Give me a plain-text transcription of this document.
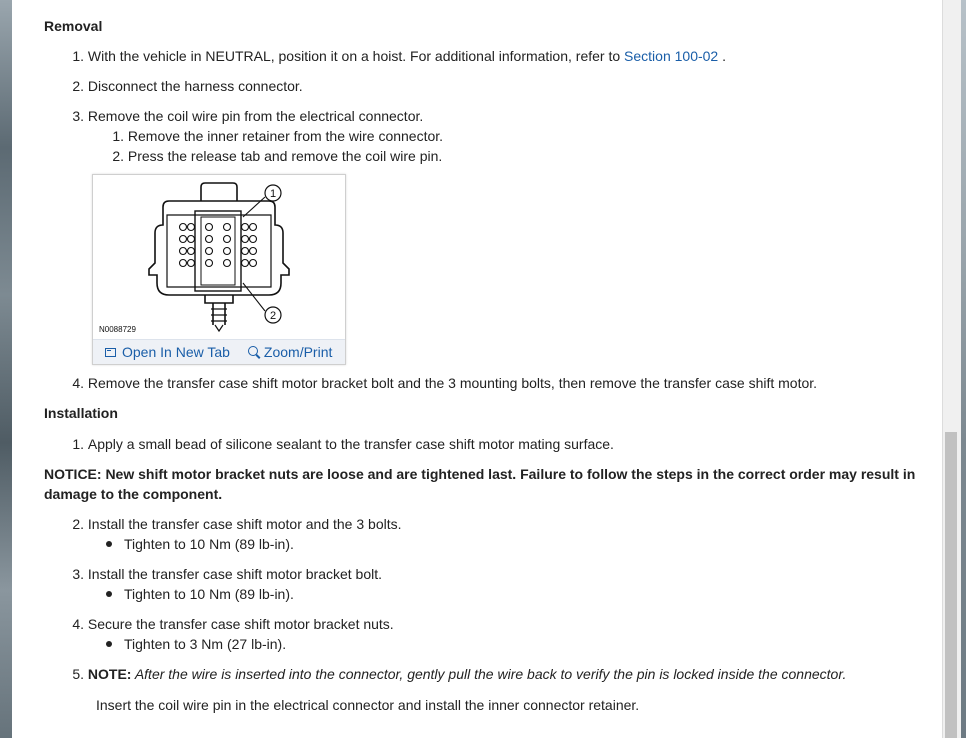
Removal

1. With the vehicle in NEUTRAL, position it on a hoist. For additional information, refer to Section 100-02 .
2. Disconnect the harness connector.
3. Remove the coil wire pin from the electrical connector.
1. Remove the inner retainer from the wire connector.
2. Press the release tab and remove the coil wire pin.
1
2
N0088729
Open In New Tab Zoom/Print
4. Remove the transfer case shift motor bracket bolt and the 3 mounting bolts, then remove the transfer case shift motor.

Installation

1. Apply a small bead of silicone sealant to the transfer case shift motor mating surface.

NOTICE: New shift motor bracket nuts are loose and are tightened last. Failure to follow the steps in the correct order may result in damage to the component.

2. Install the transfer case shift motor and the 3 bolts.
Tighten to 10 Nm (89 lb-in).
3. Install the transfer case shift motor bracket bolt.
Tighten to 10 Nm (89 lb-in).
4. Secure the transfer case shift motor bracket nuts.
Tighten to 3 Nm (27 lb-in).
5. NOTE: After the wire is inserted into the connector, gently pull the wire back to verify the pin is locked inside the connector.

Insert the coil wire pin in the electrical connector and install the inner connector retainer.
